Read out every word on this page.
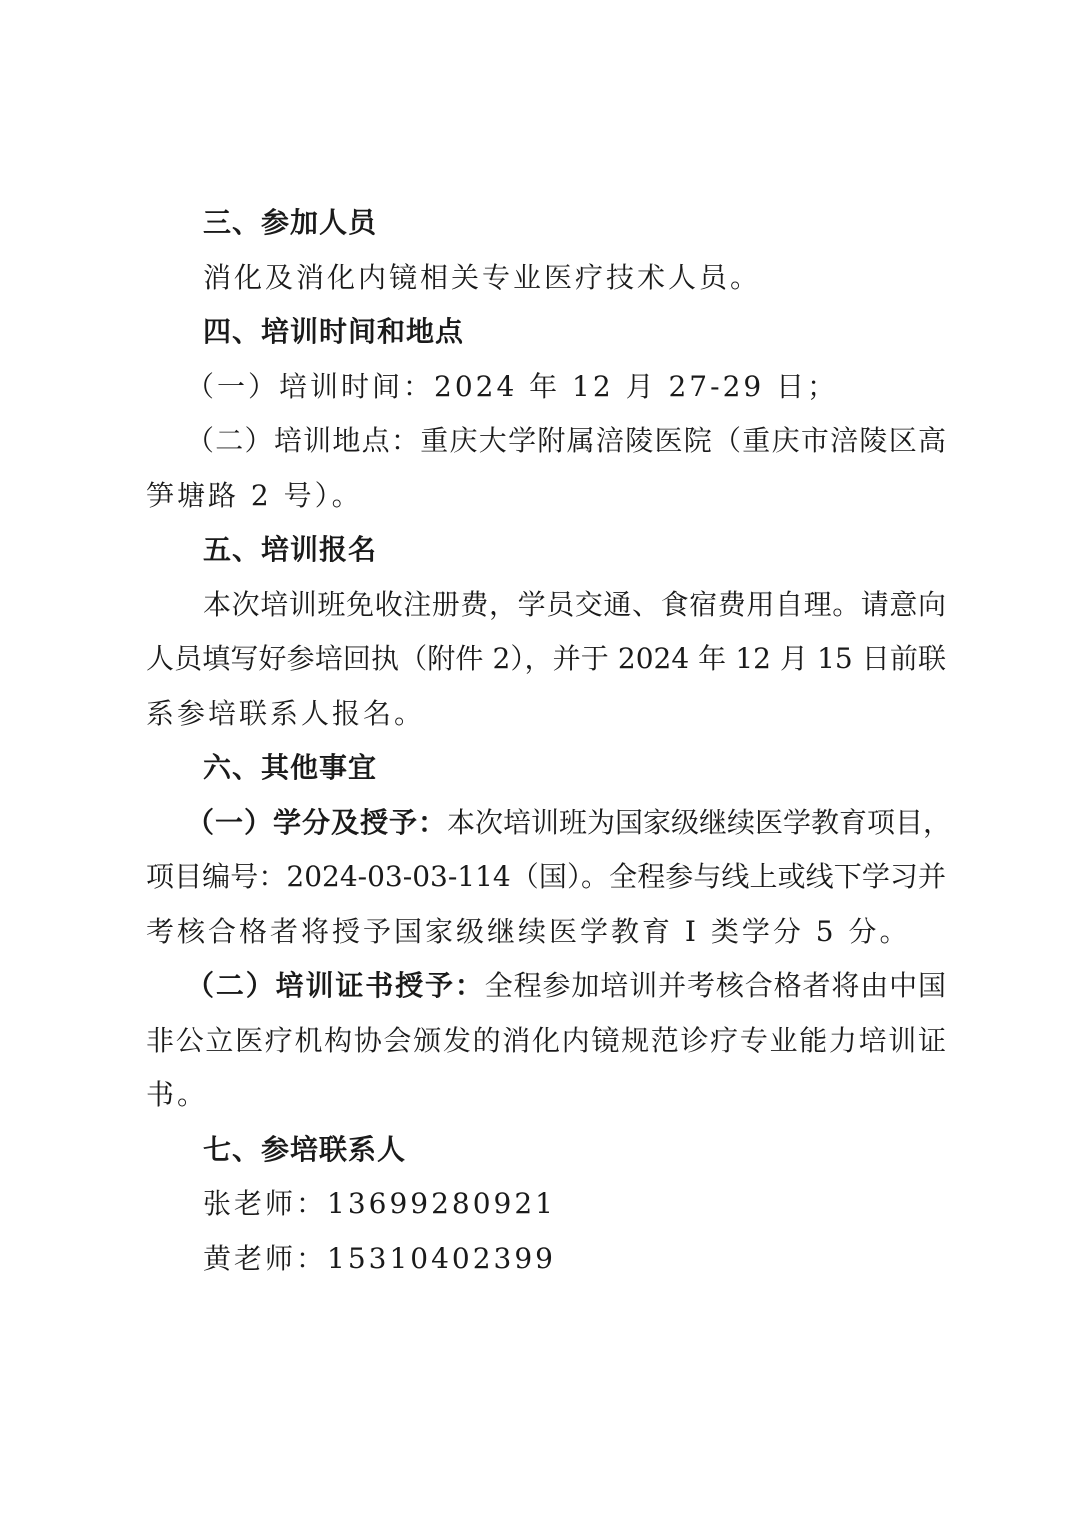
三、参加人员
消化及消化内镜相关专业医疗技术人员。
四、培训时间和地点
（一）培训时间：2024 年 12 月 27-29 日；
（二）培训地点：重庆大学附属涪陵医院（重庆市涪陵区高
笋塘路 2 号）。
五、培训报名
本次培训班免收注册费，学员交通、食宿费用自理。请意向
人员填写好参培回执（附件 2），并于 2024 年 12 月 15 日前联
系参培联系人报名。
六、其他事宜
（一）学分及授予：本次培训班为国家级继续医学教育项目，
项目编号：2024-03-03-114（国）。全程参与线上或线下学习并
考核合格者将授予国家级继续医学教育 I 类学分 5 分。
（二）培训证书授予：全程参加培训并考核合格者将由中国
非公立医疗机构协会颁发的消化内镜规范诊疗专业能力培训证
书。
七、参培联系人
张老师：13699280921
黄老师：15310402399
